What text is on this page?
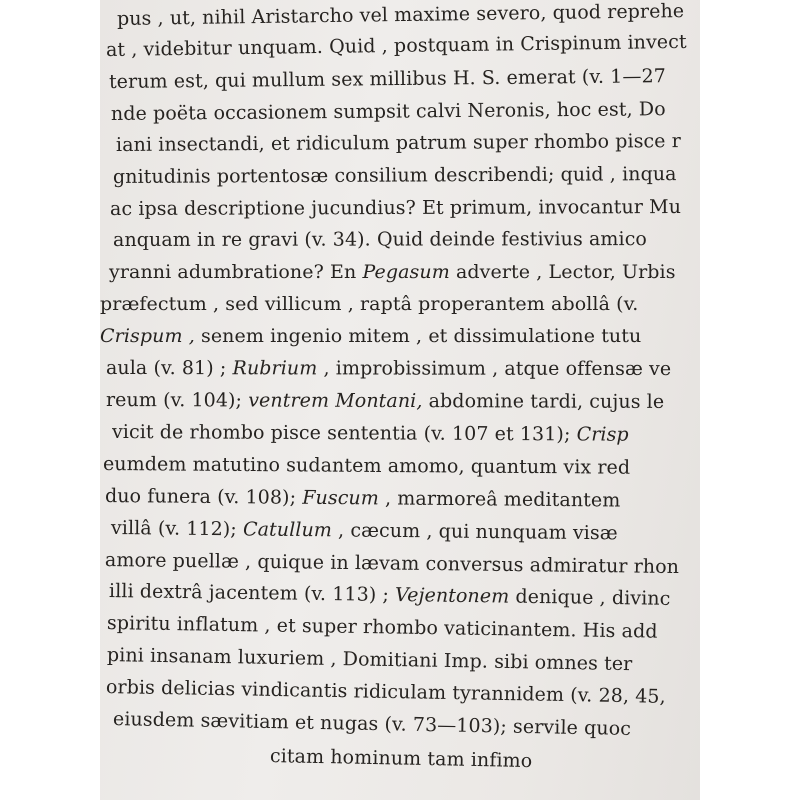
pus , ut, nihil Aristarcho vel maxime severo, quod reprehe
at , videbitur unquam. Quid , postquam in Crispinum invect
terum est, qui mullum sex millibus H. S. emerat (v. 1—27
nde poëta occasionem sumpsit calvi Neronis, hoc est, Do
iani insectandi, et ridiculum patrum super rhombo pisce r
gnitudinis portentosæ consilium describendi; quid , inqua
ac ipsa descriptione jucundius? Et primum, invocantur Mu
anquam in re gravi (v. 34). Quid deinde festivius amico
yranni adumbratione? En Pegasum adverte , Lector, Urbis
præfectum , sed villicum , raptâ properantem abollâ (v.
Crispum , senem ingenio mitem , et dissimulatione tutu
aula (v. 81) ; Rubrium , improbissimum , atque offensæ ve
reum (v. 104); ventrem Montani, abdomine tardi, cujus le
vicit de rhombo pisce sententia (v. 107 et 131); Crisp
eumdem matutino sudantem amomo, quantum vix red
duo funera (v. 108); Fuscum , marmoreâ meditantem
villâ (v. 112); Catullum , cæcum , qui nunquam visæ
amore puellæ , quique in lævam conversus admiratur rhon
illi dextrâ jacentem (v. 113) ; Vejentonem denique , divinc
spiritu inflatum , et super rhombo vaticinantem. His add
pini insanam luxuriem , Domitiani Imp. sibi omnes ter
orbis delicias vindicantis ridiculam tyrannidem (v. 28, 45,
eiusdem sævitiam et nugas (v. 73—103); servile quoc
citam hominum tam infimo
